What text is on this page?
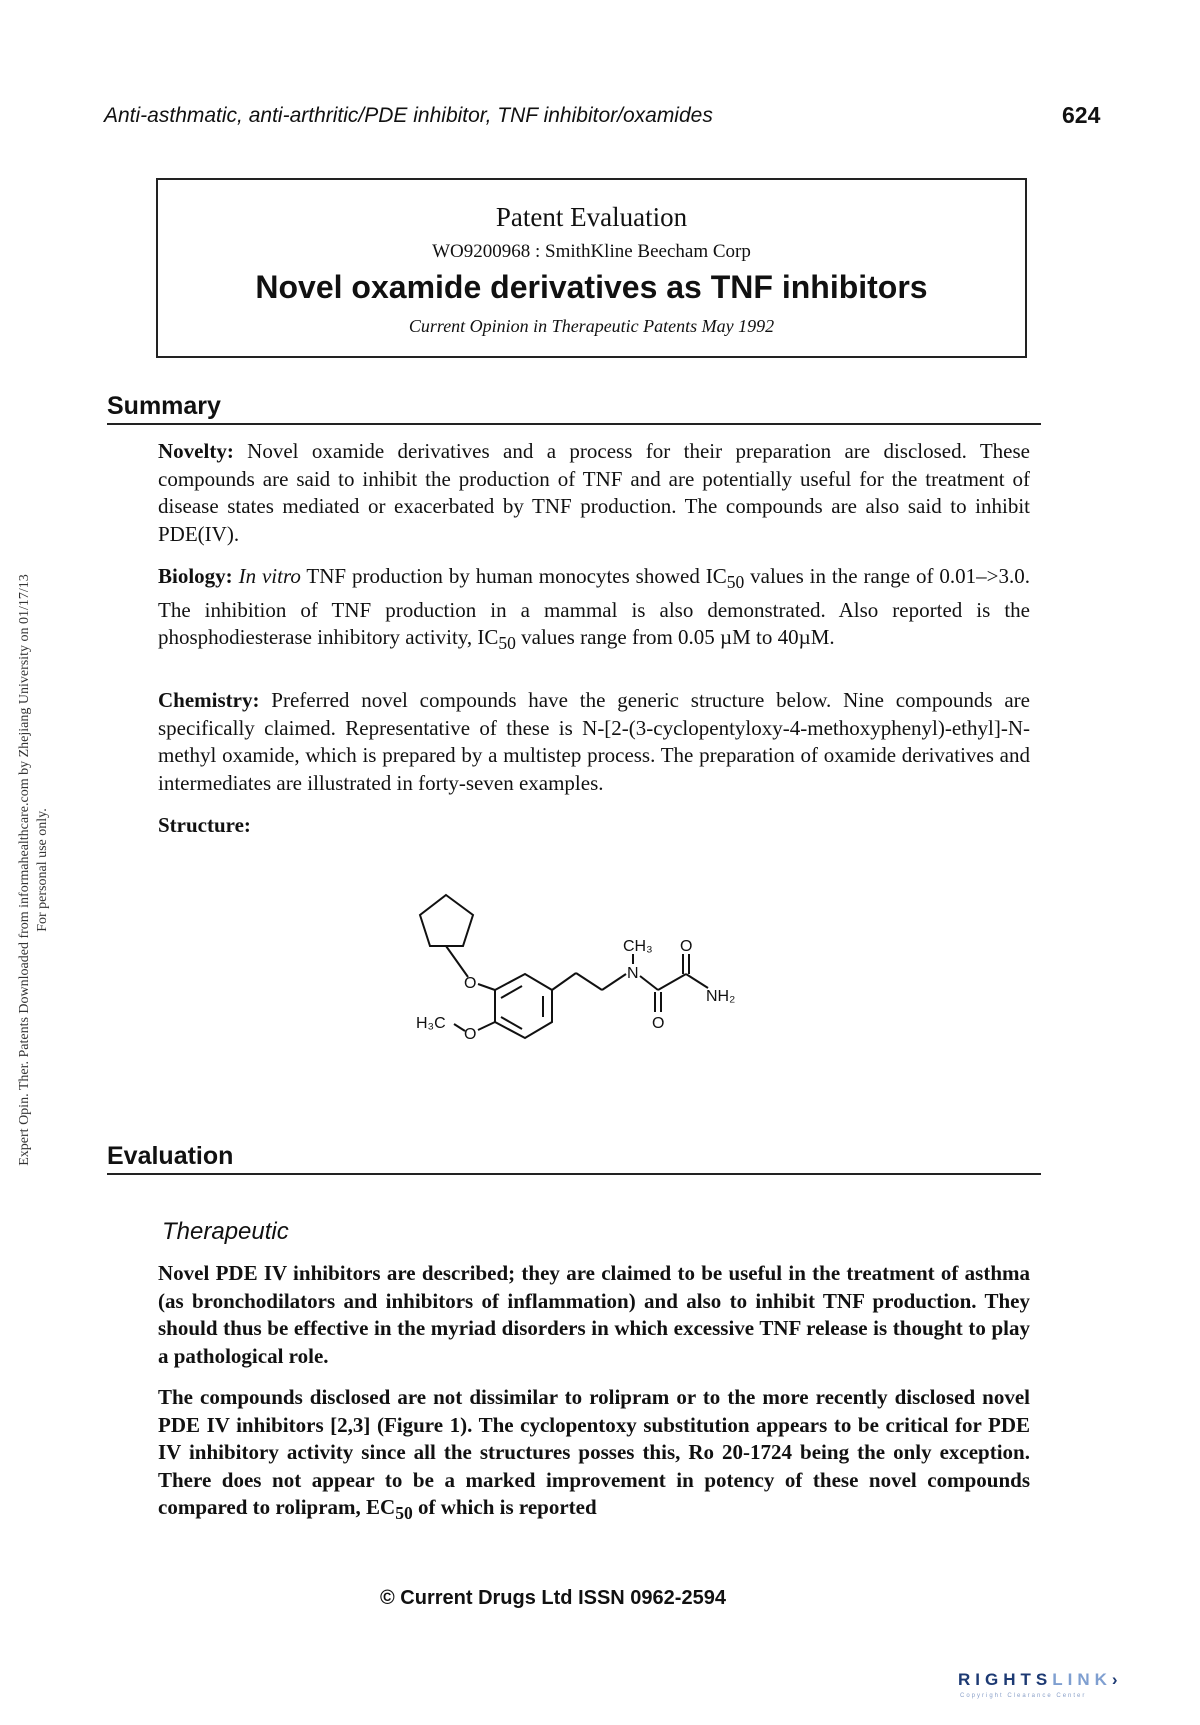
Anti-asthmatic, anti-arthritic/PDE inhibitor, TNF inhibitor/oxamides	624
Expert Opin. Ther. Patents Downloaded from informahealthcare.com by Zhejiang University on 01/17/13 For personal use only.
Patent Evaluation
WO9200968 : SmithKline Beecham Corp
Novel oxamide derivatives as TNF inhibitors
Current Opinion in Therapeutic Patents May 1992
Summary

Novelty: Novel oxamide derivatives and a process for their preparation are disclosed. These compounds are said to inhibit the production of TNF and are potentially useful for the treatment of disease states mediated or exacerbated by TNF production. The compounds are also said to inhibit PDE(IV).

Biology: In vitro TNF production by human monocytes showed $IC_{50}$ values in the range of 0.01–>3.0. The inhibition of TNF production in a mammal is also demonstrated. Also reported is the phosphodiesterase inhibitory activity, $IC_{50}$ values range from 0.05 µM to 40µM.

Chemistry: Preferred novel compounds have the generic structure below. Nine compounds are specifically claimed. Representative of these is N-[2-(3-cyclopentyloxy-4-methoxyphenyl)-ethyl]-N-methyl oxamide, which is prepared by a multistep process. The preparation of oxamide derivatives and intermediates are illustrated in forty-seven examples.

Structure:

O
O
H₃C
N
CH₃ O
O
NH₂
Evaluation
Therapeutic

Novel PDE IV inhibitors are described; they are claimed to be useful in the treatment of asthma (as bronchodilators and inhibitors of inflammation) and also to inhibit TNF production. They should thus be effective in the myriad disorders in which excessive TNF release is thought to play a pathological role.

The compounds disclosed are not dissimilar to rolipram or to the more recently disclosed novel PDE IV inhibitors [2,3] (Figure 1). The cyclopentoxy substitution appears to be critical for PDE IV inhibitory activity since all the structures posses this, Ro 20-1724 being the only exception. There does not appear to be a marked improvement in potency of these novel compounds compared to rolipram, $EC_{50}$ of which is reported

© Current Drugs Ltd ISSN 0962-2594
RIGHTSLINK›
Copyright Clearance Center
